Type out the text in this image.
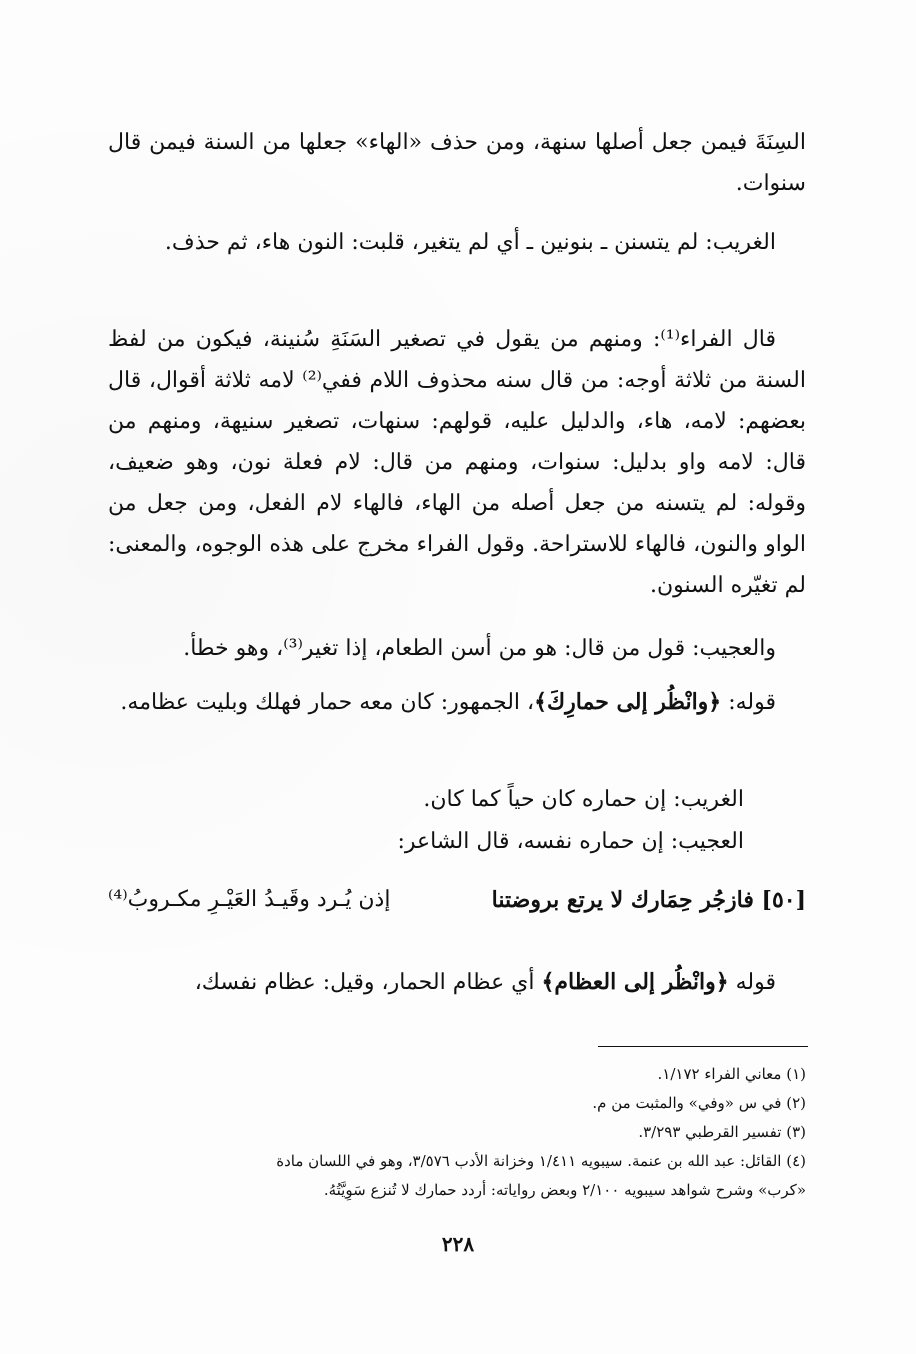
السِنَةَ فيمن جعل أصلها سنهة، ومن حذف «الهاء» جعلها من السنة فيمن قال سنوات.

الغريب: لم يتسنن ـ بنونين ـ أي لم يتغير، قلبت: النون هاء، ثم حذف.

قال الفراء⁽¹⁾: ومنهم من يقول في تصغير السَنَةِ سُنينة، فيكون من لفظ السنة من ثلاثة أوجه: من قال سنه محذوف اللام ففي⁽²⁾ لامه ثلاثة أقوال، قال بعضهم: لامه، هاء، والدليل عليه، قولهم: سنهات، تصغير سنيهة، ومنهم من قال: لامه واو بدليل: سنوات، ومنهم من قال: لام فعلة نون، وهو ضعيف، وقوله: لم يتسنه من جعل أصله من الهاء، فالهاء لام الفعل، ومن جعل من الواو والنون، فالهاء للاستراحة. وقول الفراء مخرج على هذه الوجوه، والمعنى: لم تغيّره السنون.

والعجيب: قول من قال: هو من أسن الطعام، إذا تغير⁽³⁾، وهو خطأ.

قوله: ﴿وانْظُر إلى حمارِكَ﴾، الجمهور: كان معه حمار فهلك وبليت عظامه.

الغريب: إن حماره كان حياً كما كان.
العجيب: إن حماره نفسه، قال الشاعر:
[٥٠] فازجُر حِمَارك لا يرتع بروضتنا
إذن يُـرد وقَيـدُ العَيْـرِ مكـروبُ⁽⁴⁾

قوله ﴿وانْظُر إلى العظام﴾ أي عظام الحمار، وقيل: عظام نفسك،

(١) معاني الفراء ١/١٧٢.
(٢) في س «وفي» والمثبت من م.
(٣) تفسير القرطبي ٣/٢٩٣.
(٤) القائل: عبد الله بن عنمة. سيبويه ١/٤١١ وخزانة الأدب ٣/٥٧٦، وهو في اللسان مادة
«كرب» وشرح شواهد سيبويه ٢/١٠٠ وبعض رواياته: أردد حمارك لا تُنزع سَوِيَّتُهُ.
٢٢٨
